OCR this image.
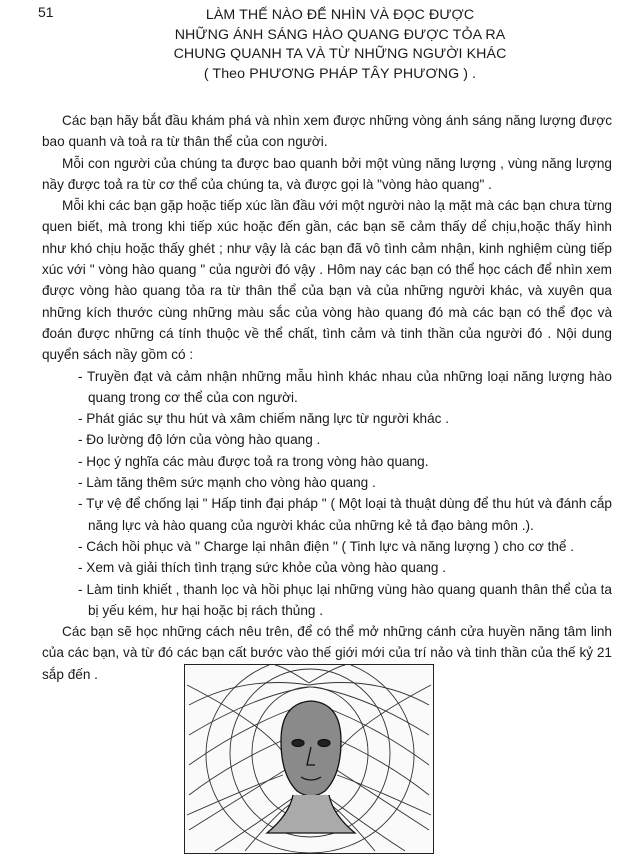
51	LÀM THẾ NÀO ĐỂ NHÌN VÀ ĐỌC ĐƯỢC
NHỮNG ÁNH SÁNG HÀO QUANG ĐƯỢC TỎA RA
CHUNG QUANH TA VÀ TỪ NHỮNG NGƯỜI KHÁC
( Theo PHƯƠNG PHÁP TÂY PHƯƠNG ) .

Các bạn hãy bắt đầu khám phá và nhìn xem được những vòng ánh sáng năng lượng được bao quanh và toả ra từ thân thể của con người.

Mỗi con người của chúng ta được bao quanh bởi một vùng năng lượng , vùng năng lượng nầy được toả ra từ cơ thể của chúng ta, và được gọi là "vòng hào quang" .

Mỗi khi các bạn gặp hoặc tiếp xúc lần đầu với một người nào lạ mặt mà các bạn chưa từng quen biết, mà trong khi tiếp xúc hoặc đến gần, các bạn sẽ cảm thấy dể chịu,hoặc thấy hình như khó chịu hoặc thấy ghét ; như vậy là các bạn đã vô tình cảm nhận, kinh nghiệm cùng tiếp xúc với " vòng hào quang " của người đó vậy . Hôm nay các bạn có thể học cách để nhìn xem được vòng hào quang tỏa ra từ thân thể của bạn và của những người khác, và xuyên qua những kích thước cùng những màu sắc của vòng hào quang đó mà các bạn có thể đọc và đoán được những cá tính thuộc về thể chất, tình cảm và tinh thần của người đó . Nội dung quyển sách nầy gồm có :

- Truyền đạt và cảm nhận những mẫu hình khác nhau của những loại năng lượng hào quang trong cơ thể của con người.
- Phát giác sự thu hút và xâm chiếm năng lực từ người khác .
- Đo lường độ lớn của vòng hào quang .
- Học ý nghĩa các màu được toả ra trong vòng hào quang.
- Làm tăng thêm sức mạnh cho vòng hào quang .
- Tự vệ để chống lại " Hấp tinh đại pháp " ( Một loại tà thuật dùng để thu hút và đánh cắp năng lực và hào quang của người khác của những kẻ tả đạo bàng môn .).
- Cách hồi phục và " Charge lại nhân điện " ( Tinh lực và năng lượng ) cho cơ thể .
- Xem và giải thích tình trạng sức khỏe của vòng hào quang .
- Làm tinh khiết , thanh lọc và hồi phục lại những vùng hào quang quanh thân thể của ta bị yếu kém, hư hại hoặc bị rách thủng .

Các bạn sẽ học những cách nêu trên, để có thể mở những cánh cửa huyền năng tâm linh của các bạn, và từ đó các bạn cất bước vào thế giới mới của trí nảo và tinh thần của thế kỷ 21 sắp đến .
